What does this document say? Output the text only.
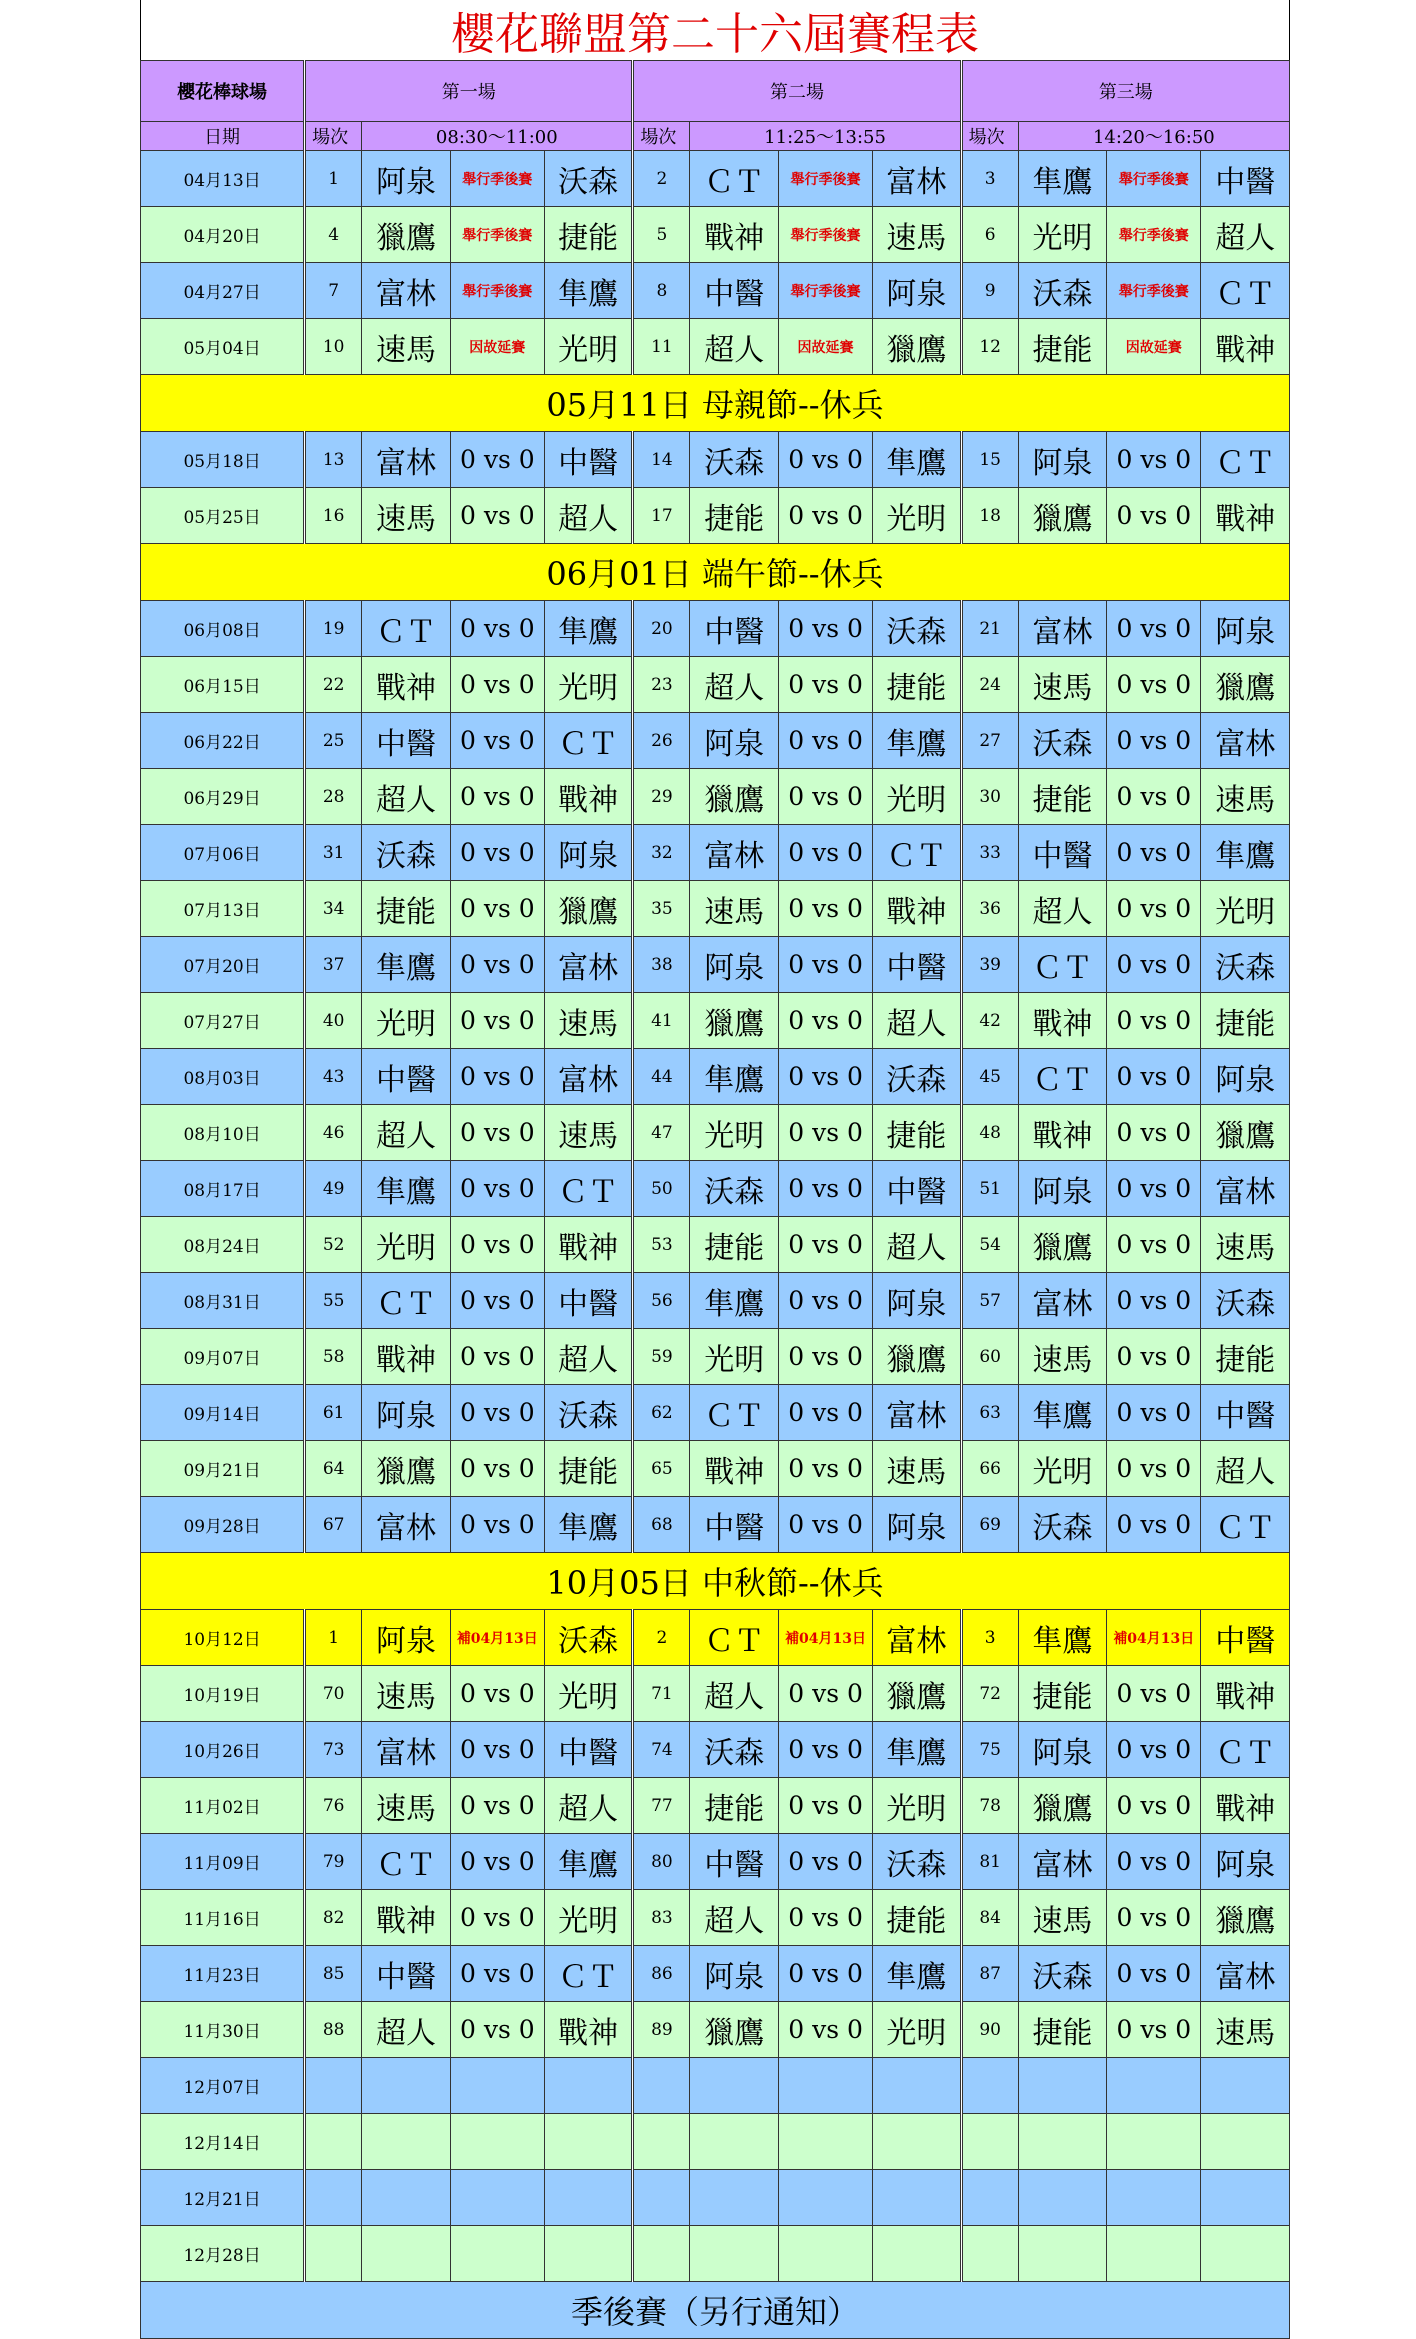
櫻花聯盟第二十六屆賽程表
櫻花棒球場	第一場				第二場				第三場			
日期	場次	08:30～11:00			場次	11:25～13:55			場次	14:20～16:50		
04月13日	1	阿泉	舉行季後賽	沃森	2	ＣＴ	舉行季後賽	富林	3	隼鷹	舉行季後賽	中醫
04月20日	4	獵鷹	舉行季後賽	捷能	5	戰神	舉行季後賽	速馬	6	光明	舉行季後賽	超人
04月27日	7	富林	舉行季後賽	隼鷹	8	中醫	舉行季後賽	阿泉	9	沃森	舉行季後賽	ＣＴ
05月04日	10	速馬	因故延賽	光明	11	超人	因故延賽	獵鷹	12	捷能	因故延賽	戰神
05月11日 母親節--休兵												
05月18日	13	富林	0 vs 0	中醫	14	沃森	0 vs 0	隼鷹	15	阿泉	0 vs 0	ＣＴ
05月25日	16	速馬	0 vs 0	超人	17	捷能	0 vs 0	光明	18	獵鷹	0 vs 0	戰神
06月01日 端午節--休兵												
06月08日	19	ＣＴ	0 vs 0	隼鷹	20	中醫	0 vs 0	沃森	21	富林	0 vs 0	阿泉
06月15日	22	戰神	0 vs 0	光明	23	超人	0 vs 0	捷能	24	速馬	0 vs 0	獵鷹
06月22日	25	中醫	0 vs 0	ＣＴ	26	阿泉	0 vs 0	隼鷹	27	沃森	0 vs 0	富林
06月29日	28	超人	0 vs 0	戰神	29	獵鷹	0 vs 0	光明	30	捷能	0 vs 0	速馬
07月06日	31	沃森	0 vs 0	阿泉	32	富林	0 vs 0	ＣＴ	33	中醫	0 vs 0	隼鷹
07月13日	34	捷能	0 vs 0	獵鷹	35	速馬	0 vs 0	戰神	36	超人	0 vs 0	光明
07月20日	37	隼鷹	0 vs 0	富林	38	阿泉	0 vs 0	中醫	39	ＣＴ	0 vs 0	沃森
07月27日	40	光明	0 vs 0	速馬	41	獵鷹	0 vs 0	超人	42	戰神	0 vs 0	捷能
08月03日	43	中醫	0 vs 0	富林	44	隼鷹	0 vs 0	沃森	45	ＣＴ	0 vs 0	阿泉
08月10日	46	超人	0 vs 0	速馬	47	光明	0 vs 0	捷能	48	戰神	0 vs 0	獵鷹
08月17日	49	隼鷹	0 vs 0	ＣＴ	50	沃森	0 vs 0	中醫	51	阿泉	0 vs 0	富林
08月24日	52	光明	0 vs 0	戰神	53	捷能	0 vs 0	超人	54	獵鷹	0 vs 0	速馬
08月31日	55	ＣＴ	0 vs 0	中醫	56	隼鷹	0 vs 0	阿泉	57	富林	0 vs 0	沃森
09月07日	58	戰神	0 vs 0	超人	59	光明	0 vs 0	獵鷹	60	速馬	0 vs 0	捷能
09月14日	61	阿泉	0 vs 0	沃森	62	ＣＴ	0 vs 0	富林	63	隼鷹	0 vs 0	中醫
09月21日	64	獵鷹	0 vs 0	捷能	65	戰神	0 vs 0	速馬	66	光明	0 vs 0	超人
09月28日	67	富林	0 vs 0	隼鷹	68	中醫	0 vs 0	阿泉	69	沃森	0 vs 0	ＣＴ
10月05日 中秋節--休兵												
10月12日	1	阿泉	補04月13日	沃森	2	ＣＴ	補04月13日	富林	3	隼鷹	補04月13日	中醫
10月19日	70	速馬	0 vs 0	光明	71	超人	0 vs 0	獵鷹	72	捷能	0 vs 0	戰神
10月26日	73	富林	0 vs 0	中醫	74	沃森	0 vs 0	隼鷹	75	阿泉	0 vs 0	ＣＴ
11月02日	76	速馬	0 vs 0	超人	77	捷能	0 vs 0	光明	78	獵鷹	0 vs 0	戰神
11月09日	79	ＣＴ	0 vs 0	隼鷹	80	中醫	0 vs 0	沃森	81	富林	0 vs 0	阿泉
11月16日	82	戰神	0 vs 0	光明	83	超人	0 vs 0	捷能	84	速馬	0 vs 0	獵鷹
11月23日	85	中醫	0 vs 0	ＣＴ	86	阿泉	0 vs 0	隼鷹	87	沃森	0 vs 0	富林
11月30日	88	超人	0 vs 0	戰神	89	獵鷹	0 vs 0	光明	90	捷能	0 vs 0	速馬
12月07日												
12月14日												
12月21日												
12月28日												
季後賽（另行通知）												
